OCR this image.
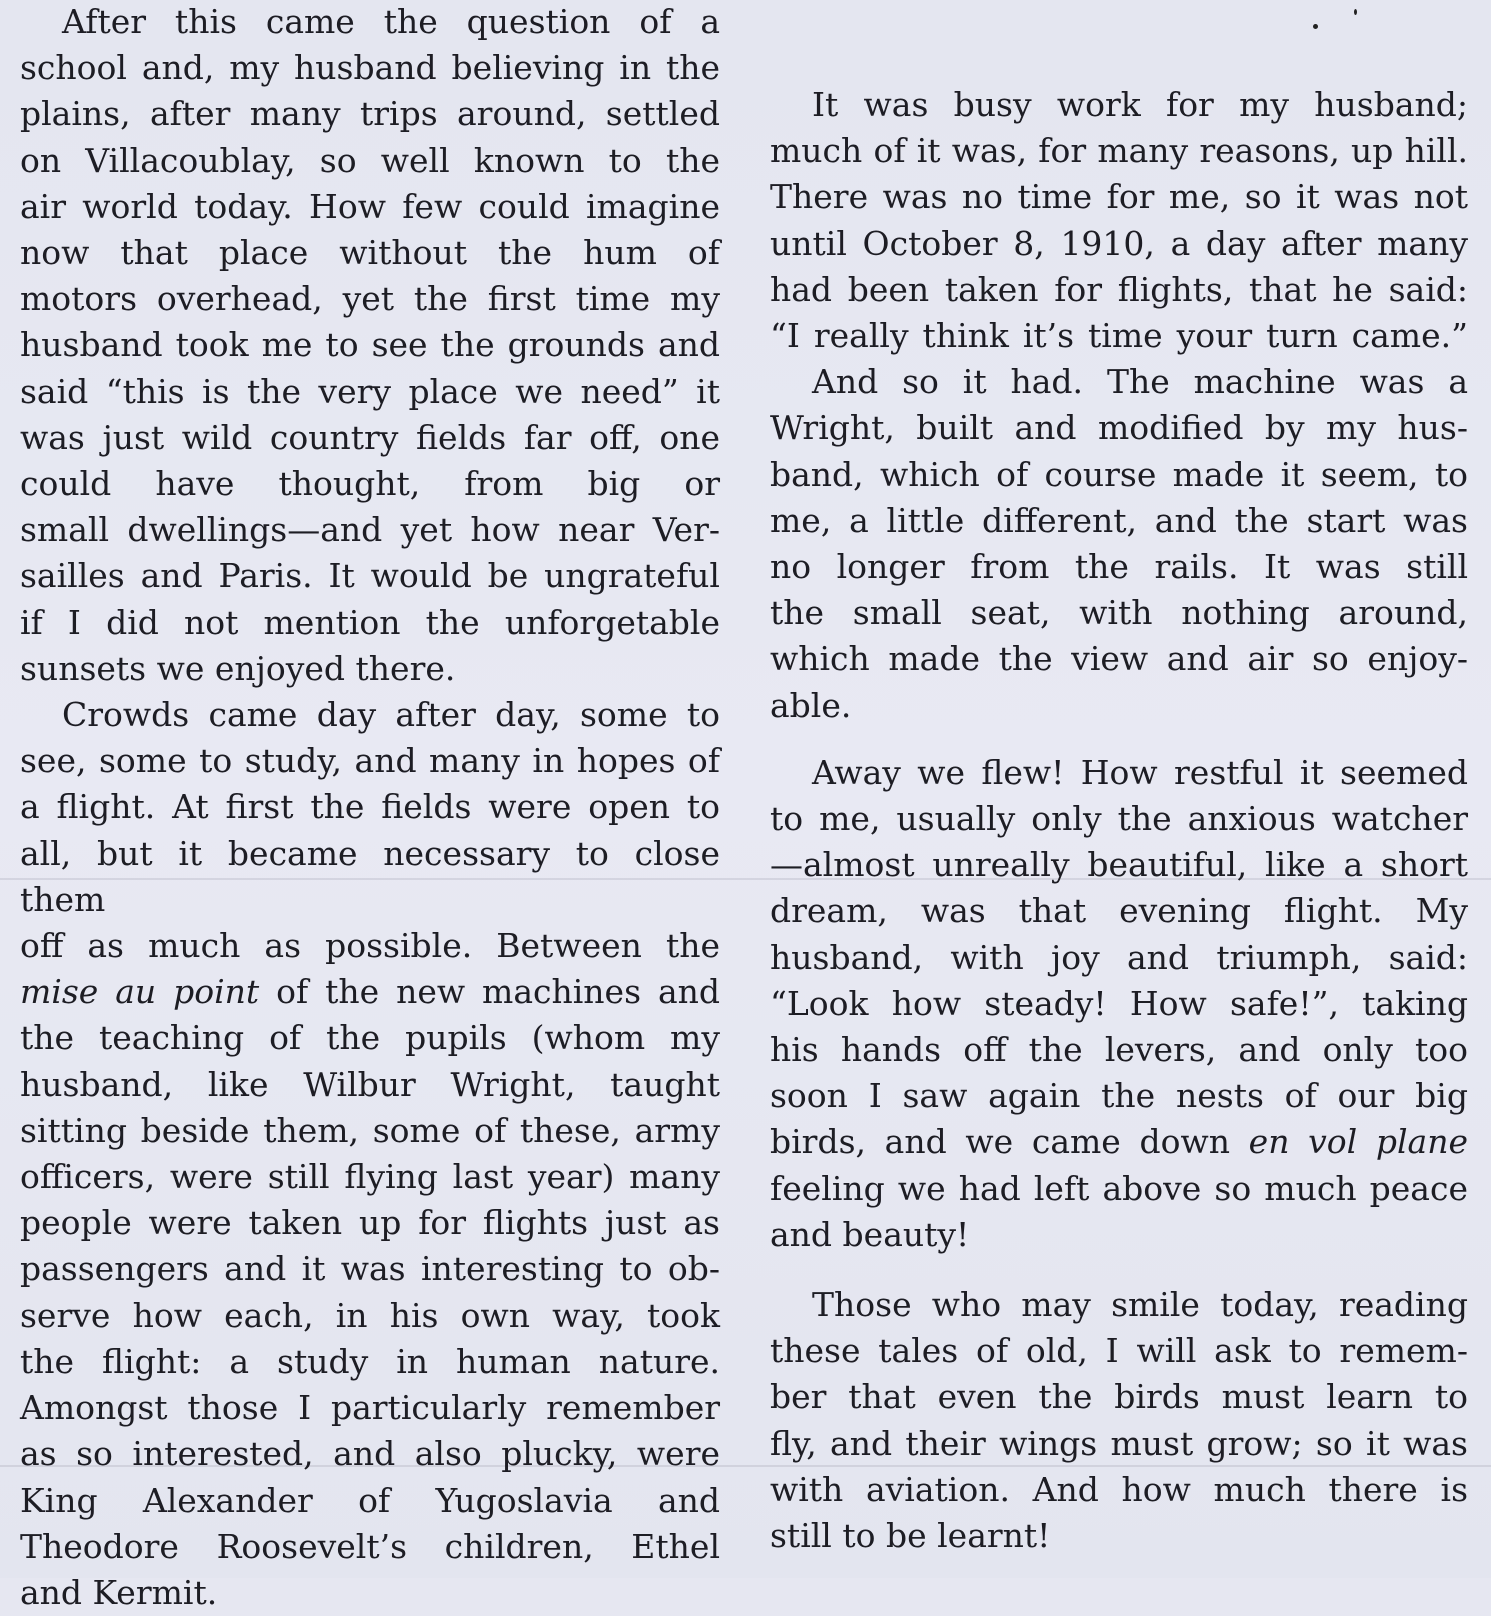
After this came the question of a
school and, my husband believing in the
plains, after many trips around, settled
on Villacoublay, so well known to the
air world today. How few could imagine
now that place without the hum of
motors overhead, yet the first time my
husband took me to see the grounds and
said “this is the very place we need” it
was just wild country fields far off, one
could have thought, from big or
small dwellings—and yet how near Ver-
sailles and Paris. It would be ungrateful
if I did not mention the unforgetable
sunsets we enjoyed there.

Crowds came day after day, some to
see, some to study, and many in hopes of
a flight. At first the fields were open to
all, but it became necessary to close them
off as much as possible. Between the
mise au point of the new machines and
the teaching of the pupils (whom my
husband, like Wilbur Wright, taught
sitting beside them, some of these, army
officers, were still flying last year) many
people were taken up for flights just as
passengers and it was interesting to ob-
serve how each, in his own way, took
the flight: a study in human nature.
Amongst those I particularly remember
as so interested, and also plucky, were
King Alexander of Yugoslavia and
Theodore Roosevelt’s children, Ethel
and Kermit.

It was busy work for my husband;
much of it was, for many reasons, up hill.
There was no time for me, so it was not
until October 8, 1910, a day after many
had been taken for flights, that he said:
“I really think it’s time your turn came.”

And so it had. The machine was a
Wright, built and modified by my hus-
band, which of course made it seem, to
me, a little different, and the start was
no longer from the rails. It was still
the small seat, with nothing around,
which made the view and air so enjoy-
able.

Away we flew! How restful it seemed
to me, usually only the anxious watcher
—almost unreally beautiful, like a short
dream, was that evening flight. My
husband, with joy and triumph, said:
“Look how steady! How safe!”, taking
his hands off the levers, and only too
soon I saw again the nests of our big
birds, and we came down en vol plane
feeling we had left above so much peace
and beauty!

Those who may smile today, reading
these tales of old, I will ask to remem-
ber that even the birds must learn to
fly, and their wings must grow; so it was
with aviation. And how much there is
still to be learnt!
